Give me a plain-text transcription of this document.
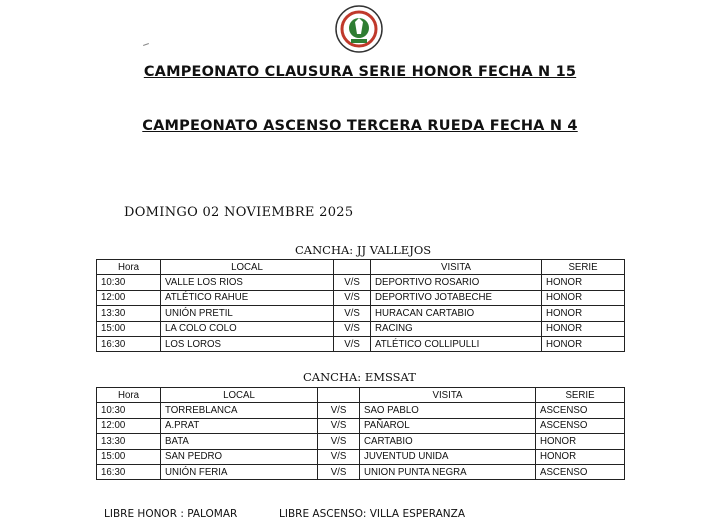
CAMPEONATO CLAUSURA SERIE HONOR FECHA N 15
CAMPEONATO ASCENSO TERCERA RUEDA FECHA N 4
DOMINGO 02 NOVIEMBRE 2025
CANCHA: JJ VALLEJOS
Hora	LOCAL		VISITA	SERIE
10:30	VALLE LOS RIOS	V/S	DEPORTIVO ROSARIO	HONOR
12:00	ATLÉTICO RAHUE	V/S	DEPORTIVO JOTABECHE	HONOR
13:30	UNIÓN PRETIL	V/S	HURACAN CARTABIO	HONOR
15:00	LA COLO COLO	V/S	RACING	HONOR
16:30	LOS LOROS	V/S	ATLÉTICO COLLIPULLI	HONOR
CANCHA: EMSSAT
Hora	LOCAL		VISITA	SERIE
10:30	TORREBLANCA	V/S	SAO PABLO	ASCENSO
12:00	A.PRAT	V/S	PAÑAROL	ASCENSO
13:30	BATA	V/S	CARTABIO	HONOR
15:00	SAN PEDRO	V/S	JUVENTUD UNIDA	HONOR
16:30	UNIÓN FERIA	V/S	UNION PUNTA NEGRA	ASCENSO
LIBRE HONOR : PALOMAR	LIBRE ASCENSO: VILLA ESPERANZA
